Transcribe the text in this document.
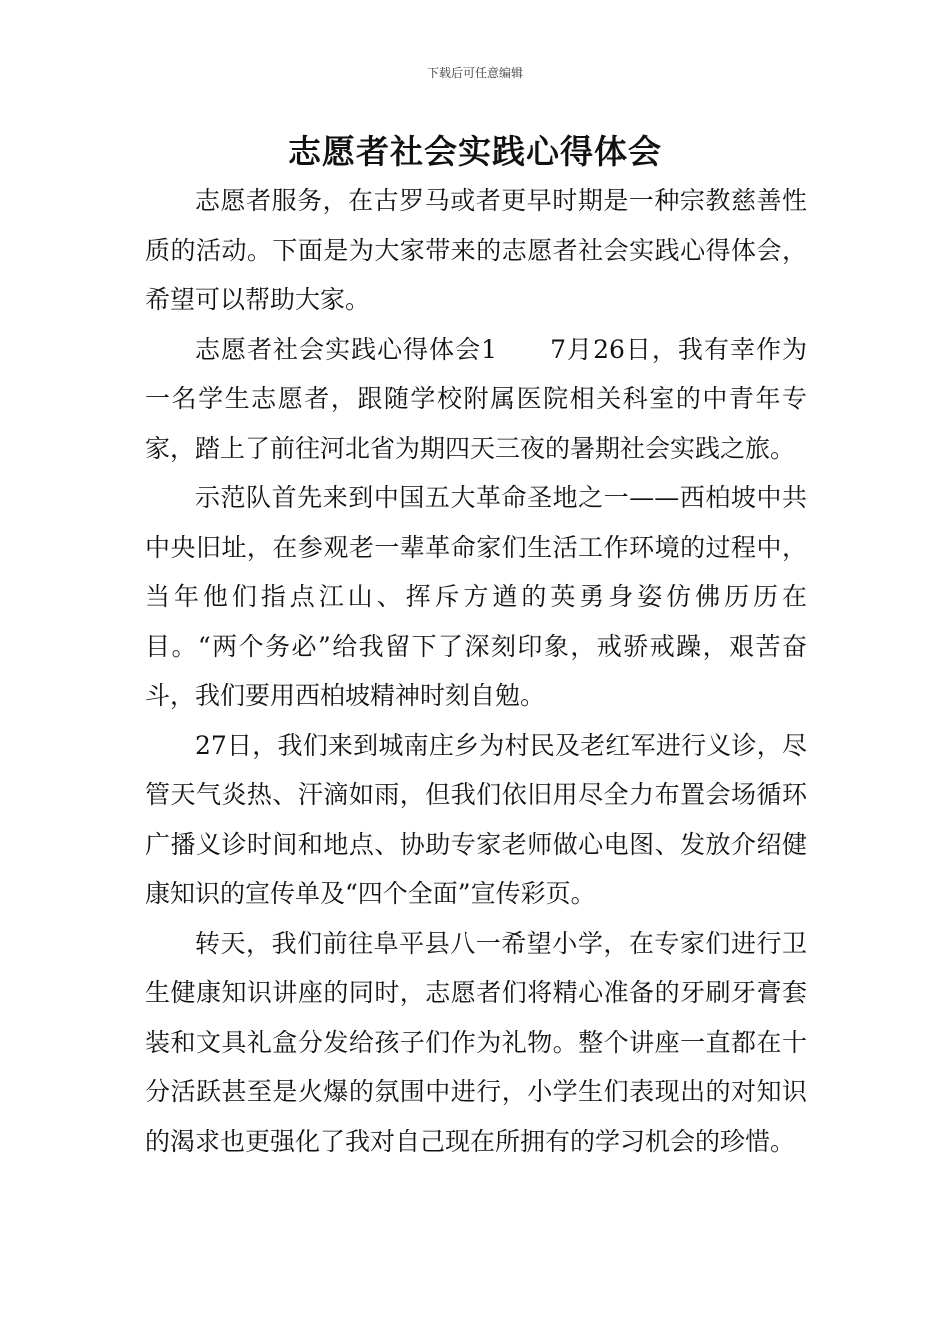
下载后可任意编辑
志愿者社会实践心得体会

志愿者服务，在古罗马或者更早时期是一种宗教慈善性质的活动。下面是为大家带来的志愿者社会实践心得体会，希望可以帮助大家。

志愿者社会实践心得体会1　　7月26日，我有幸作为一名学生志愿者，跟随学校附属医院相关科室的中青年专家，踏上了前往河北省为期四天三夜的暑期社会实践之旅。

示范队首先来到中国五大革命圣地之一——西柏坡中共中央旧址，在参观老一辈革命家们生活工作环境的过程中，当年他们指点江山、挥斥方遒的英勇身姿仿佛历历在目。“两个务必”给我留下了深刻印象，戒骄戒躁，艰苦奋斗，我们要用西柏坡精神时刻自勉。

27日，我们来到城南庄乡为村民及老红军进行义诊，尽管天气炎热、汗滴如雨，但我们依旧用尽全力布置会场循环广播义诊时间和地点、协助专家老师做心电图、发放介绍健康知识的宣传单及“四个全面”宣传彩页。

转天，我们前往阜平县八一希望小学，在专家们进行卫生健康知识讲座的同时，志愿者们将精心准备的牙刷牙膏套装和文具礼盒分发给孩子们作为礼物。整个讲座一直都在十分活跃甚至是火爆的氛围中进行，小学生们表现出的对知识的渴求也更强化了我对自己现在所拥有的学习机会的珍惜。
